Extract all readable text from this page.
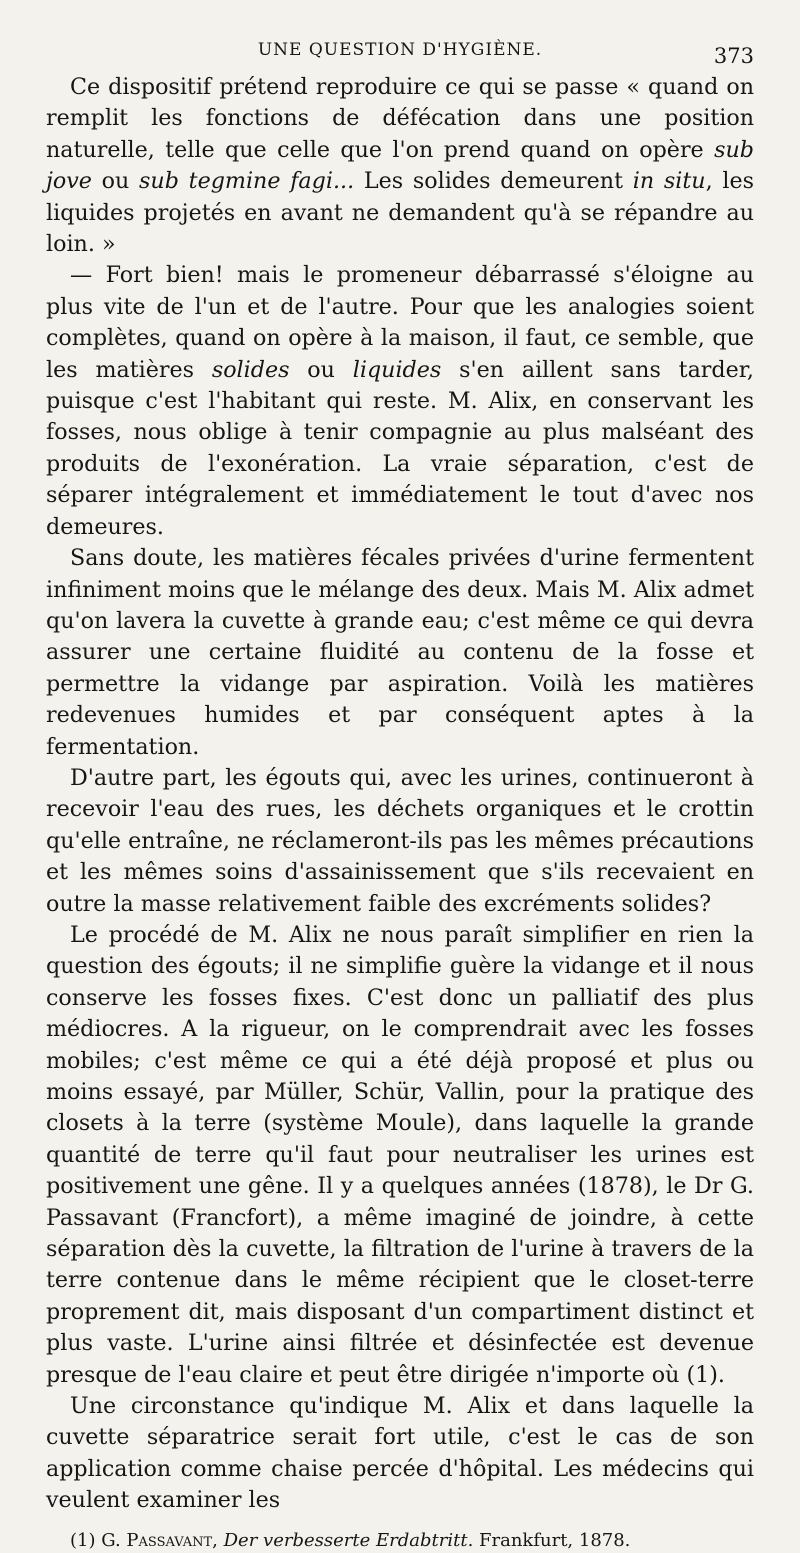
UNE QUESTION D'HYGIÈNE.	373

Ce dispositif prétend reproduire ce qui se passe « quand on remplit les fonctions de défécation dans une position naturelle, telle que celle que l'on prend quand on opère sub jove ou sub tegmine fagi... Les solides demeurent in situ, les liquides projetés en avant ne demandent qu'à se répandre au loin. »

— Fort bien! mais le promeneur débarrassé s'éloigne au plus vite de l'un et de l'autre. Pour que les analogies soient complètes, quand on opère à la maison, il faut, ce semble, que les matières solides ou liquides s'en aillent sans tarder, puisque c'est l'habitant qui reste. M. Alix, en conservant les fosses, nous oblige à tenir compagnie au plus malséant des produits de l'exonération. La vraie séparation, c'est de séparer intégralement et immédiatement le tout d'avec nos demeures.

Sans doute, les matières fécales privées d'urine fermentent infiniment moins que le mélange des deux. Mais M. Alix admet qu'on lavera la cuvette à grande eau; c'est même ce qui devra assurer une certaine fluidité au contenu de la fosse et permettre la vidange par aspiration. Voilà les matières redevenues humides et par conséquent aptes à la fermentation.

D'autre part, les égouts qui, avec les urines, continueront à recevoir l'eau des rues, les déchets organiques et le crottin qu'elle entraîne, ne réclameront-ils pas les mêmes précautions et les mêmes soins d'assainissement que s'ils recevaient en outre la masse relativement faible des excréments solides?

Le procédé de M. Alix ne nous paraît simplifier en rien la question des égouts; il ne simplifie guère la vidange et il nous conserve les fosses fixes. C'est donc un palliatif des plus médiocres. A la rigueur, on le comprendrait avec les fosses mobiles; c'est même ce qui a été déjà proposé et plus ou moins essayé, par Müller, Schür, Vallin, pour la pratique des closets à la terre (système Moule), dans laquelle la grande quantité de terre qu'il faut pour neutraliser les urines est positivement une gêne. Il y a quelques années (1878), le Dr G. Passavant (Francfort), a même imaginé de joindre, à cette séparation dès la cuvette, la filtration de l'urine à travers de la terre contenue dans le même récipient que le closet-terre proprement dit, mais disposant d'un compartiment distinct et plus vaste. L'urine ainsi filtrée et désinfectée est devenue presque de l'eau claire et peut être dirigée n'importe où (1).

Une circonstance qu'indique M. Alix et dans laquelle la cuvette séparatrice serait fort utile, c'est le cas de son application comme chaise percée d'hôpital. Les médecins qui veulent examiner les

(1) G. Passavant, Der verbesserte Erdabtritt. Frankfurt, 1878.
